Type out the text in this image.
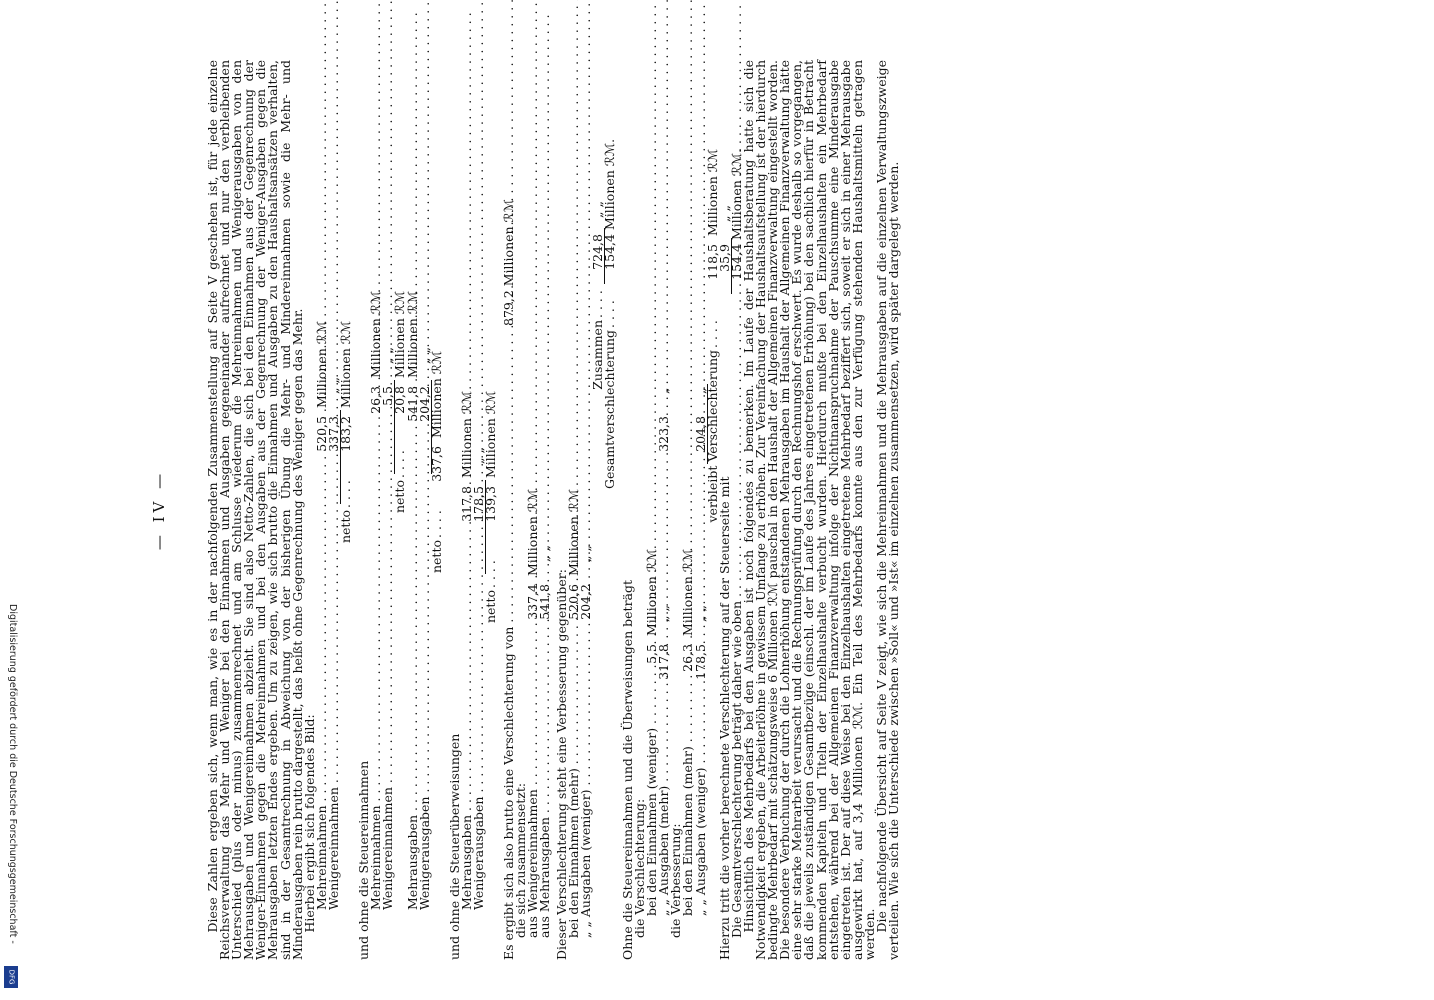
— IV —	Diese Zahlen ergeben sich, wenn man, wie es in der nachfolgenden Zusammenstellung auf Seite V geschehen ist, für jede einzelne Reichsverwaltung das Mehr und Weniger bei den Einnahmen und Ausgaben gegeneinander aufrechnet und nur den verbleibenden Unterschied (plus oder minus) zusammenrechnet und am Schlusse wiederum die Mehreinnahmen und Wenigerausgaben von den Mehrausgaben und Wenigereinnahmen abzieht. Sie sind also Netto-Zahlen, die sich bei den Einnahmen aus der Gegenrechnung der Weniger-Einnahmen gegen die Mehreinnahmen und bei den Ausgaben aus der Gegenrechnung der Weniger-Ausgaben gegen die Mehrausgaben letzten Endes ergeben. Um zu zeigen, wie sich brutto die Einnahmen und Ausgaben zu den Haushaltsansätzen verhalten, sind in der Gesamtrechnung in Abweichung von der bisherigen Übung die Mehr- und Mindereinnahmen sowie die Mehr- und Minderausgaben rein brutto dargestellt, das heißt ohne Gegenrechnung des Weniger gegen das Mehr.

Hierbei ergibt sich folgendes Bild:

Mehreinnahmen . . .
520,5
Millionen ℛℳ
Wenigereinnahmen . . .
337,3
„ „
netto
. . . .
183,2
Millionen ℛℳ

und ohne die Steuereinnahmen

Mehreinnahmen . . .
26,3
Millionen ℛℳ
Wenigereinnahmen . . .
5,5
„ „
netto
. . . .
20,8
Millionen ℛℳ
Mehrausgaben . . .
541,8
Millionen ℛℳ
Wenigerausgaben . . .
204,2
„ „
netto
. . . .
337,6
Millionen ℛℳ

und ohne die Steuerüberweisungen

Mehrausgaben . . .
317,8
Millionen ℛℳ
Wenigerausgaben . . .
178,5
„ „
netto
. . . .
139,3
Millionen ℛℳ
Es ergibt sich also brutto eine Verschlechterung von . . .
879,2 Millionen ℛℳ

die sich zusammensetzt:

aus Wenigereinnahmen . . .
337,4
Millionen ℛℳ
aus Mehrausgaben . . .
541,8
„ „

Dieser Verschlechterung steht eine Verbesserung gegenüber:

bei den Einnahmen (mehr) . . .
520,6
Millionen ℛℳ
„ „ Ausgaben (weniger) . . .
204,2
„ „
Zusammen
. . . .
724,8
„ „
Gesamtverschlechterung
. . . .
154,4
Millionen ℛℳ.

Ohne die Steuereinnahmen und die Überweisungen beträgt

die Verschlechterung:

bei den Einnahmen (weniger) . . .
5,5
Millionen ℛℳ
„ „ Ausgaben (mehr) . . .
317,8
„ „
323,3
„

die Verbesserung:

bei den Einnahmen (mehr) . . .
26,3
Millionen ℛℳ
„ „ Ausgaben (weniger) . . .
178,5
„ „
204,8
„
verbleibt Verschlechterung
. . . .
118,5
Millionen ℛℳ
Hierzu tritt die vorher berechnete Verschlechterung auf der Steuerseite mit
35,9
„ „
Die Gesamtverschlechterung beträgt daher wie oben . . .
154,4
Millionen ℛℳ.

Hinsichtlich des Mehrbedarfs bei den Ausgaben ist noch folgendes zu bemerken. Im Laufe der Haushaltsberatung hatte sich die Notwendigkeit ergeben, die Arbeiterlöhne in gewissem Umfange zu erhöhen. Zur Vereinfachung der Haushaltsaufstellung ist der hierdurch bedingte Mehrbedarf mit schätzungsweise 6 Millionen ℛℳ pauschal in den Haushalt der Allgemeinen Finanzverwaltung eingestellt worden. Die besondere Verbuchung der durch die Lohnerhöhung entstandenen Mehrausgaben im Haushalt der Allgemeinen Finanzverwaltung hätte eine sehr starke Mehrarbeit verursacht und die Rechnungsprüfung durch den Rechnungshof erschwert. Es wurde deshalb so vorgegangen, daß die jeweils zuständigen Gesamtbezüge (einschl. der im Laufe des Jahres eingetretenen Erhöhung) bei den sachlich hierfür in Betracht kommenden Kapiteln und Titeln der Einzelhaushalte verbucht wurden. Hierdurch mußte bei den Einzelhaushalten ein Mehrbedarf entstehen, während bei der Allgemeinen Finanzverwaltung infolge der Nichtinanspruchnahme der Pauschsumme eine Minderausgabe eingetreten ist. Der auf diese Weise bei den Einzelhaushalten eingetretene Mehrbedarf beziffert sich, soweit er sich in einer Mehrausgabe ausgewirkt hat, auf 3,4 Millionen ℛℳ. Ein Teil des Mehrbedarfs konnte aus den zur Verfügung stehenden Haushaltsmitteln getragen werden.

Die nachfolgende Übersicht auf Seite V zeigt, wie sich die Mehreinnahmen und die Mehrausgaben auf die einzelnen Verwaltungszweige verteilen. Wie sich die Unterschiede zwischen »Soll« und »Ist« im einzelnen zusammensetzen, wird später dargelegt werden.

Digitalisierung gefördert durch die Deutsche Forschungsgemeinschaft -
DFG
